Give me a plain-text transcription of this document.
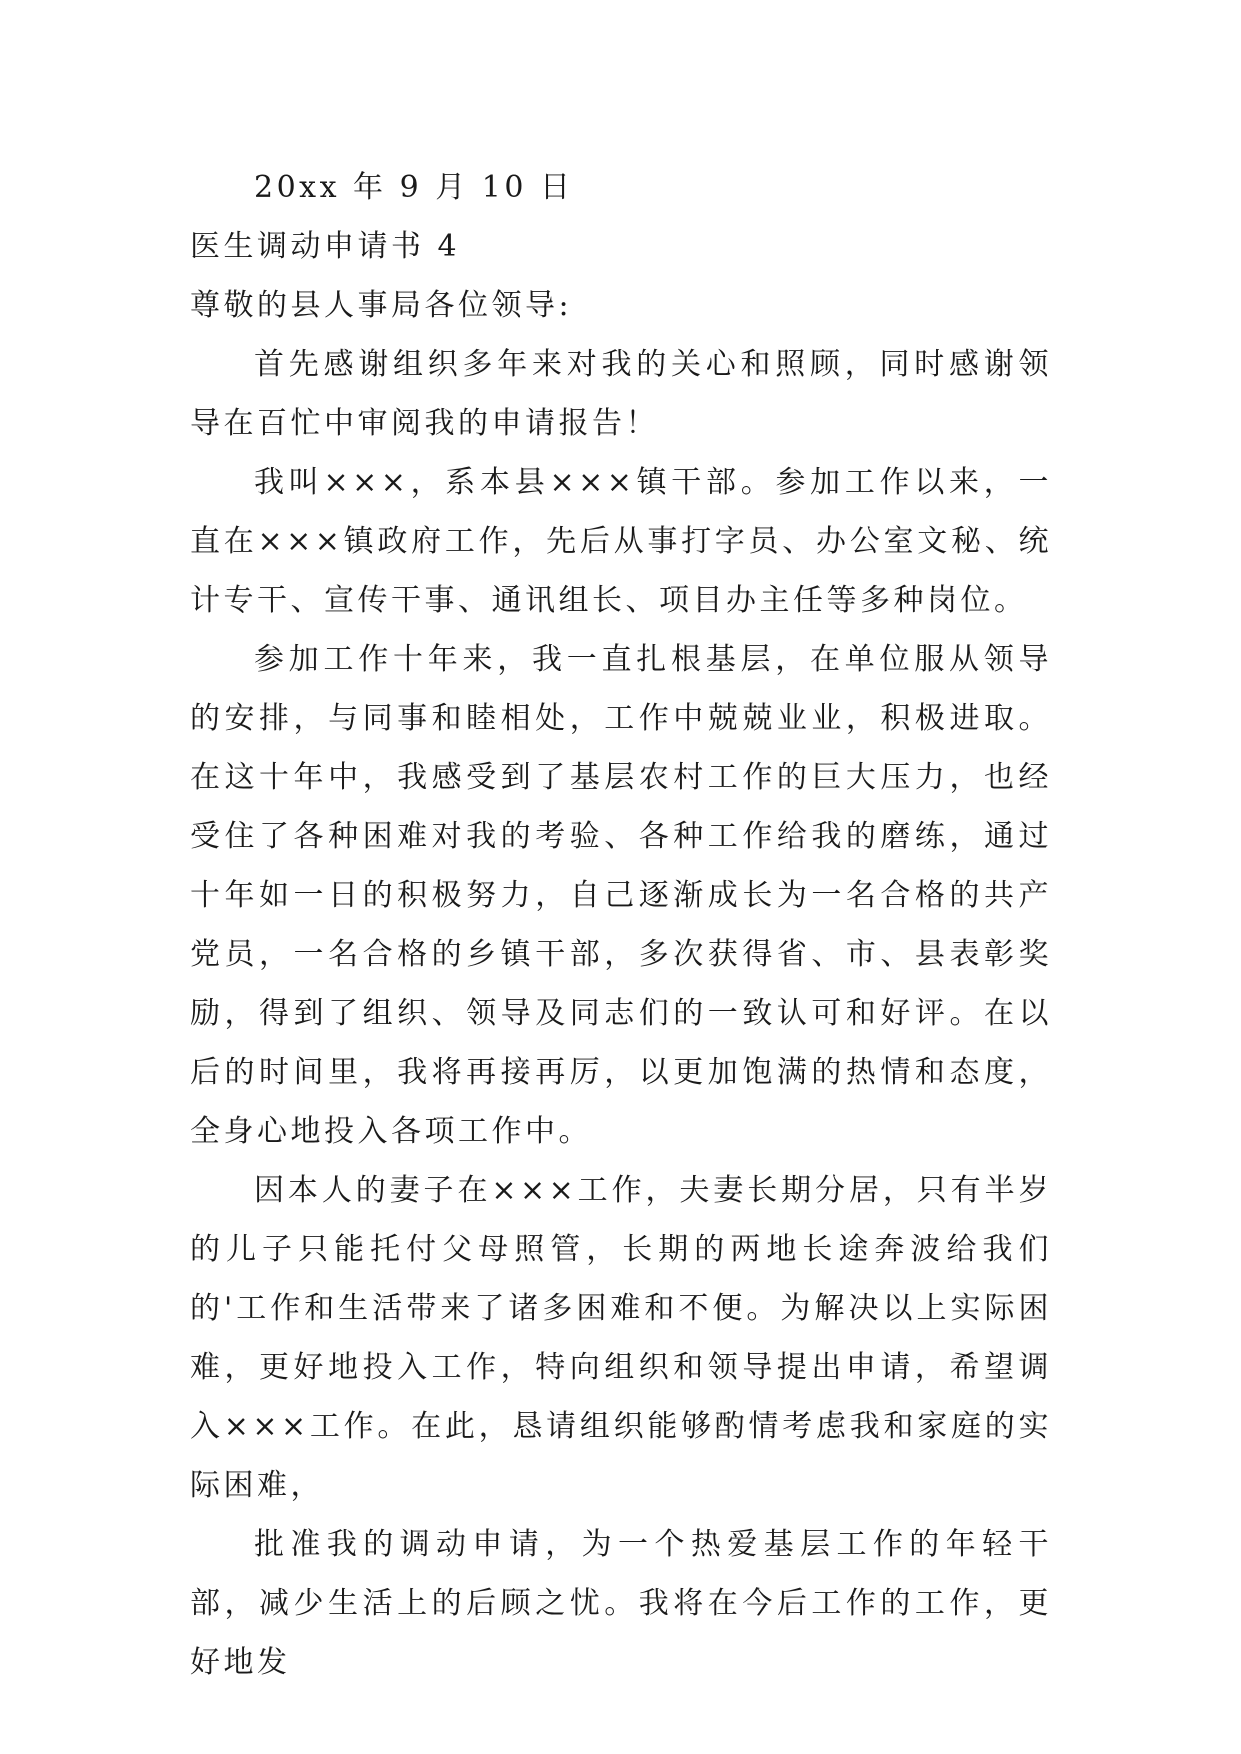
20xx 年 9 月 10 日
医生调动申请书 4
尊敬的县人事局各位领导:

首先感谢组织多年来对我的关心和照顾，同时感谢领导在百忙中审阅我的申请报告！

我叫×××，系本县×××镇干部。参加工作以来，一直在×××镇政府工作，先后从事打字员、办公室文秘、统计专干、宣传干事、通讯组长、项目办主任等多种岗位。

参加工作十年来，我一直扎根基层，在单位服从领导的安排，与同事和睦相处，工作中兢兢业业，积极进取。在这十年中，我感受到了基层农村工作的巨大压力，也经受住了各种困难对我的考验、各种工作给我的磨练，通过十年如一日的积极努力，自己逐渐成长为一名合格的共产党员，一名合格的乡镇干部，多次获得省、市、县表彰奖励，得到了组织、领导及同志们的一致认可和好评。在以后的时间里，我将再接再厉，以更加饱满的热情和态度，全身心地投入各项工作中。

因本人的妻子在×××工作，夫妻长期分居，只有半岁的儿子只能托付父母照管，长期的两地长途奔波给我们的'工作和生活带来了诸多困难和不便。为解决以上实际困难，更好地投入工作，特向组织和领导提出申请，希望调入×××工作。在此，恳请组织能够酌情考虑我和家庭的实际困难，

批准我的调动申请，为一个热爱基层工作的年轻干部，减少生活上的后顾之忧。我将在今后工作的工作，更好地发
